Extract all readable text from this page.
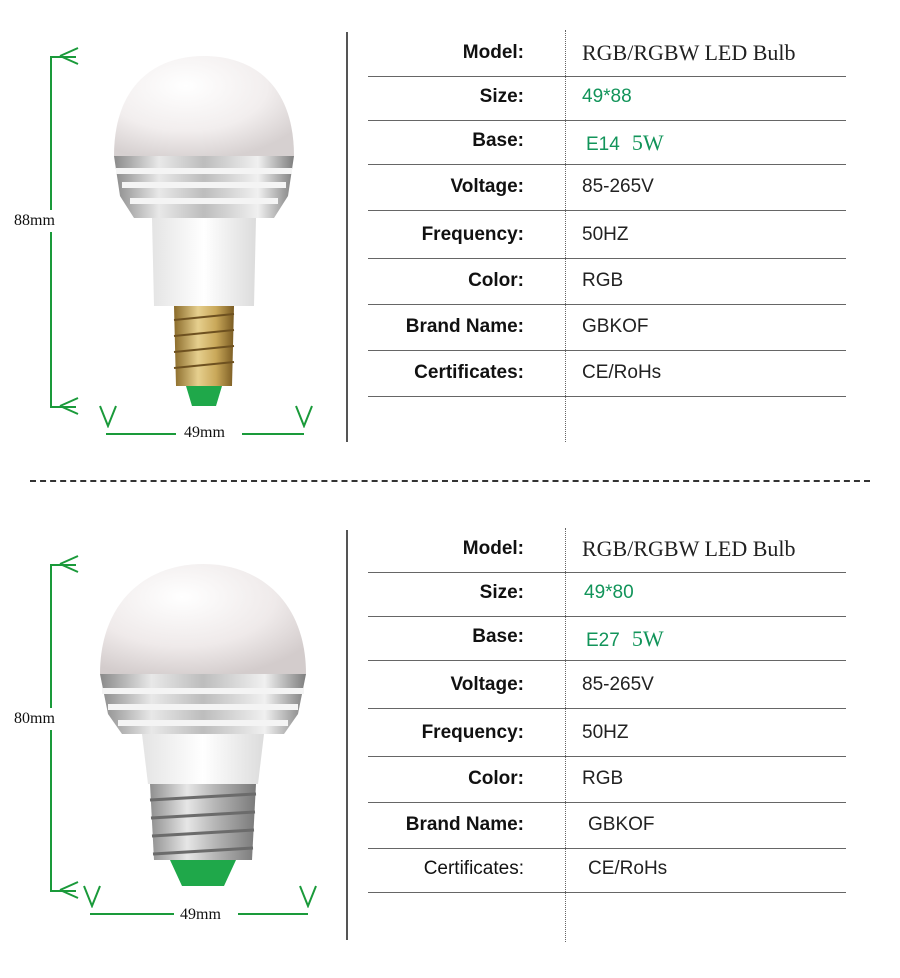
88mm
49mm
Model:	RGB/RGBW LED Bulb
Size:	49*88
Base:	E14 5W
Voltage:	85-265V
Frequency:	50HZ
Color:	RGB
Brand Name:	GBKOF
Certificates:	CE/RoHs
80mm
49mm
Model:	RGB/RGBW LED Bulb
Size:	49*80
Base:	E27 5W
Voltage:	85-265V
Frequency:	50HZ
Color:	RGB
Brand Name:	GBKOF
Certificates:	CE/RoHs
